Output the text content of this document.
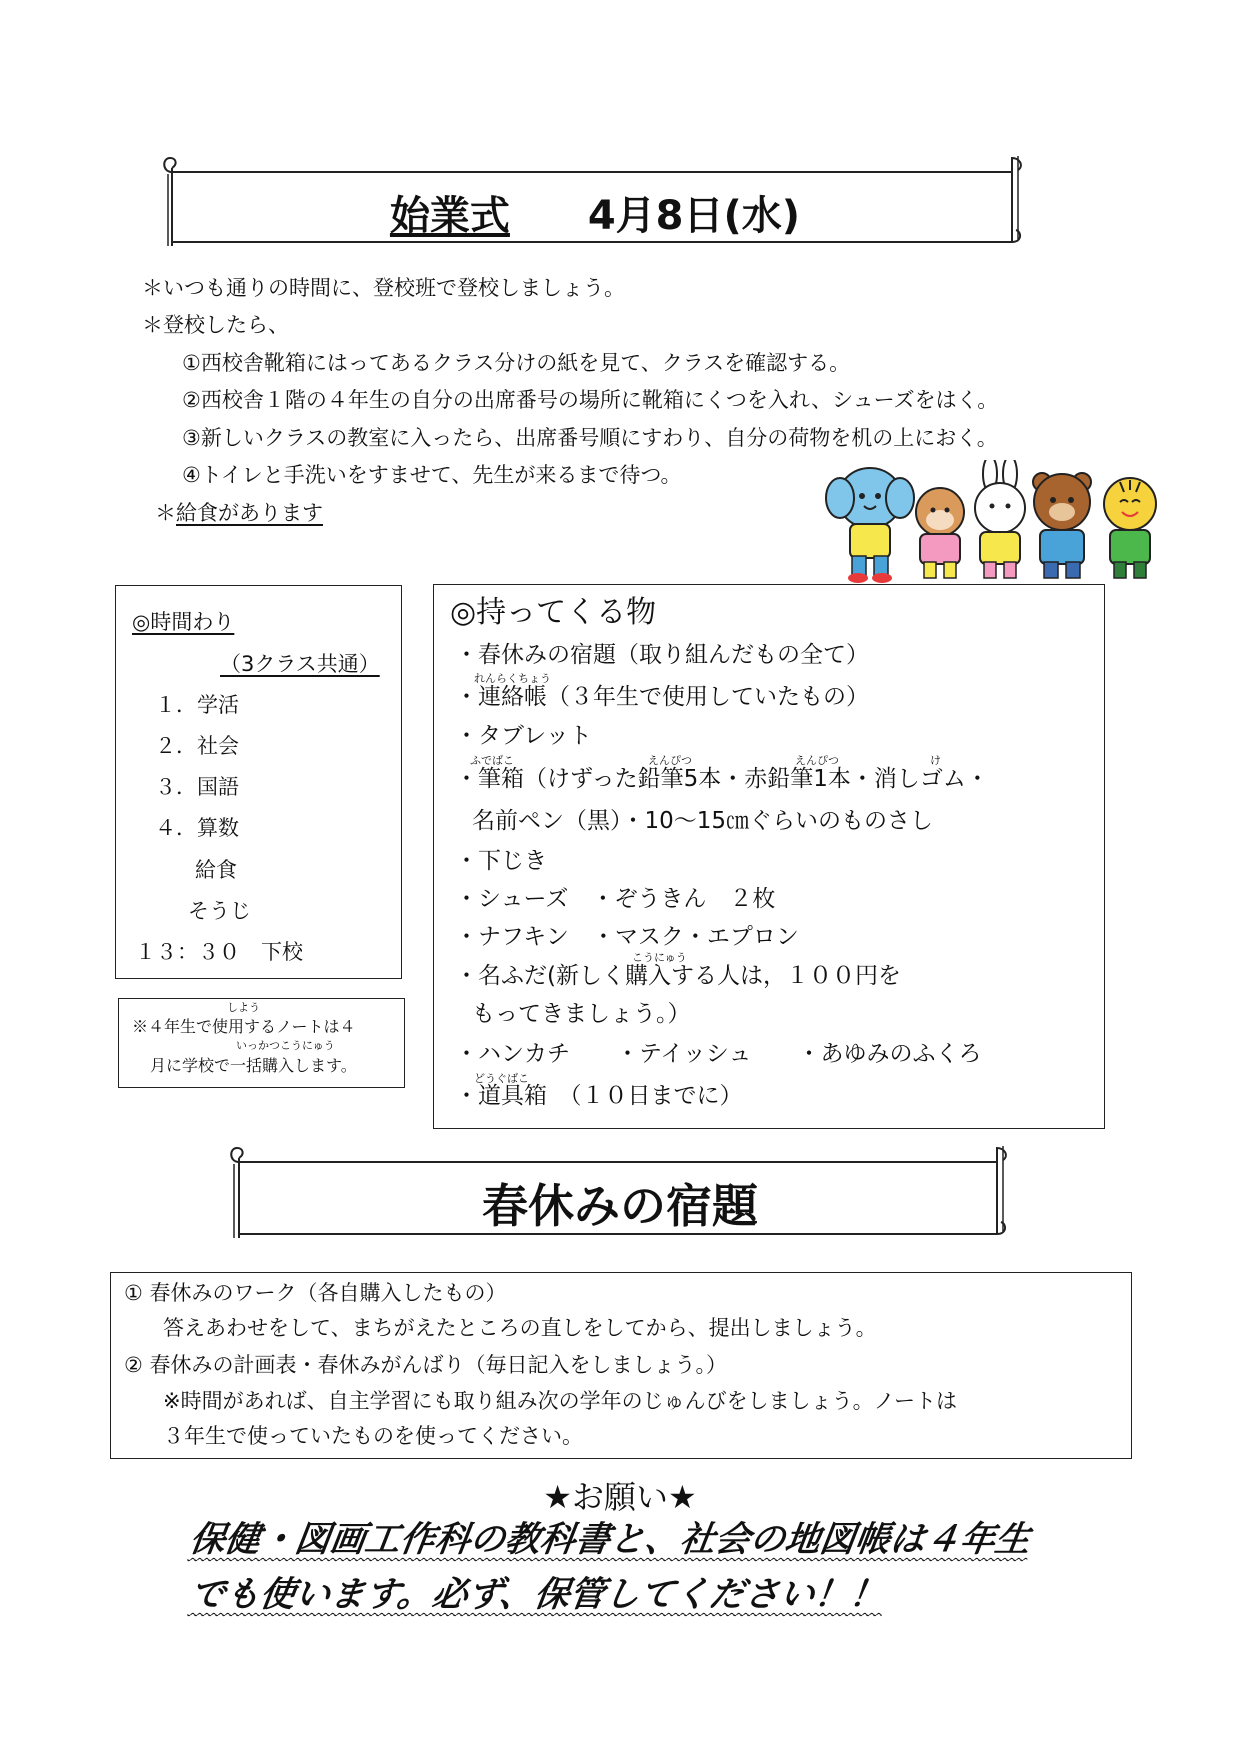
始業式 4月8日(水)
＊いつも通りの時間に、登校班で登校しましょう。
＊登校したら、
①西校舎靴箱にはってあるクラス分けの紙を見て、クラスを確認する。
②西校舎１階の４年生の自分の出席番号の場所に靴箱にくつを入れ、シューズをはく。
③新しいクラスの教室に入ったら、出席番号順にすわり、自分の荷物を机の上におく。
④トイレと手洗いをすませて、先生が来るまで待つ。
＊給食があります
◎時間わり
（3クラス共通）
１．学活
２．社会
３．国語
４．算数
給食
そうじ
１３：３０　下校
しよう
※４年生で使用するノートは４
いっかつこうにゅう
月に学校で一括購入します。
◎持ってくる物
・春休みの宿題（取り組んだもの全て）
れんらくちょう
・連絡帳（３年生で使用していたもの）
・タブレット
ふでばこ	えんぴつ	えんぴつ	け
・筆箱（けずった鉛筆5本・赤鉛筆1本・消しゴム・
名前ペン（黒）・10～15㎝ぐらいのものさし
・下じき
・シューズ　・ぞうきん　２枚
・ナフキン　・マスク・エプロン
こうにゅう
・名ふだ(新しく購入する人は，１００円を
もってきましょう。）
・ハンカチ　　・テイッシュ　　・あゆみのふくろ
どうぐばこ
・道具箱　（１０日までに）
春休みの宿題
① 春休みのワーク（各自購入したもの）
答えあわせをして、まちがえたところの直しをしてから、提出しましょう。
② 春休みの計画表・春休みがんばり（毎日記入をしましょう。）
※時間があれば、自主学習にも取り組み次の学年のじゅんびをしましょう。ノートは
３年生で使っていたものを使ってください。
★お願い★
保健・図画工作科の教科書と、社会の地図帳は４年生
でも使います。必ず、保管してください！！
